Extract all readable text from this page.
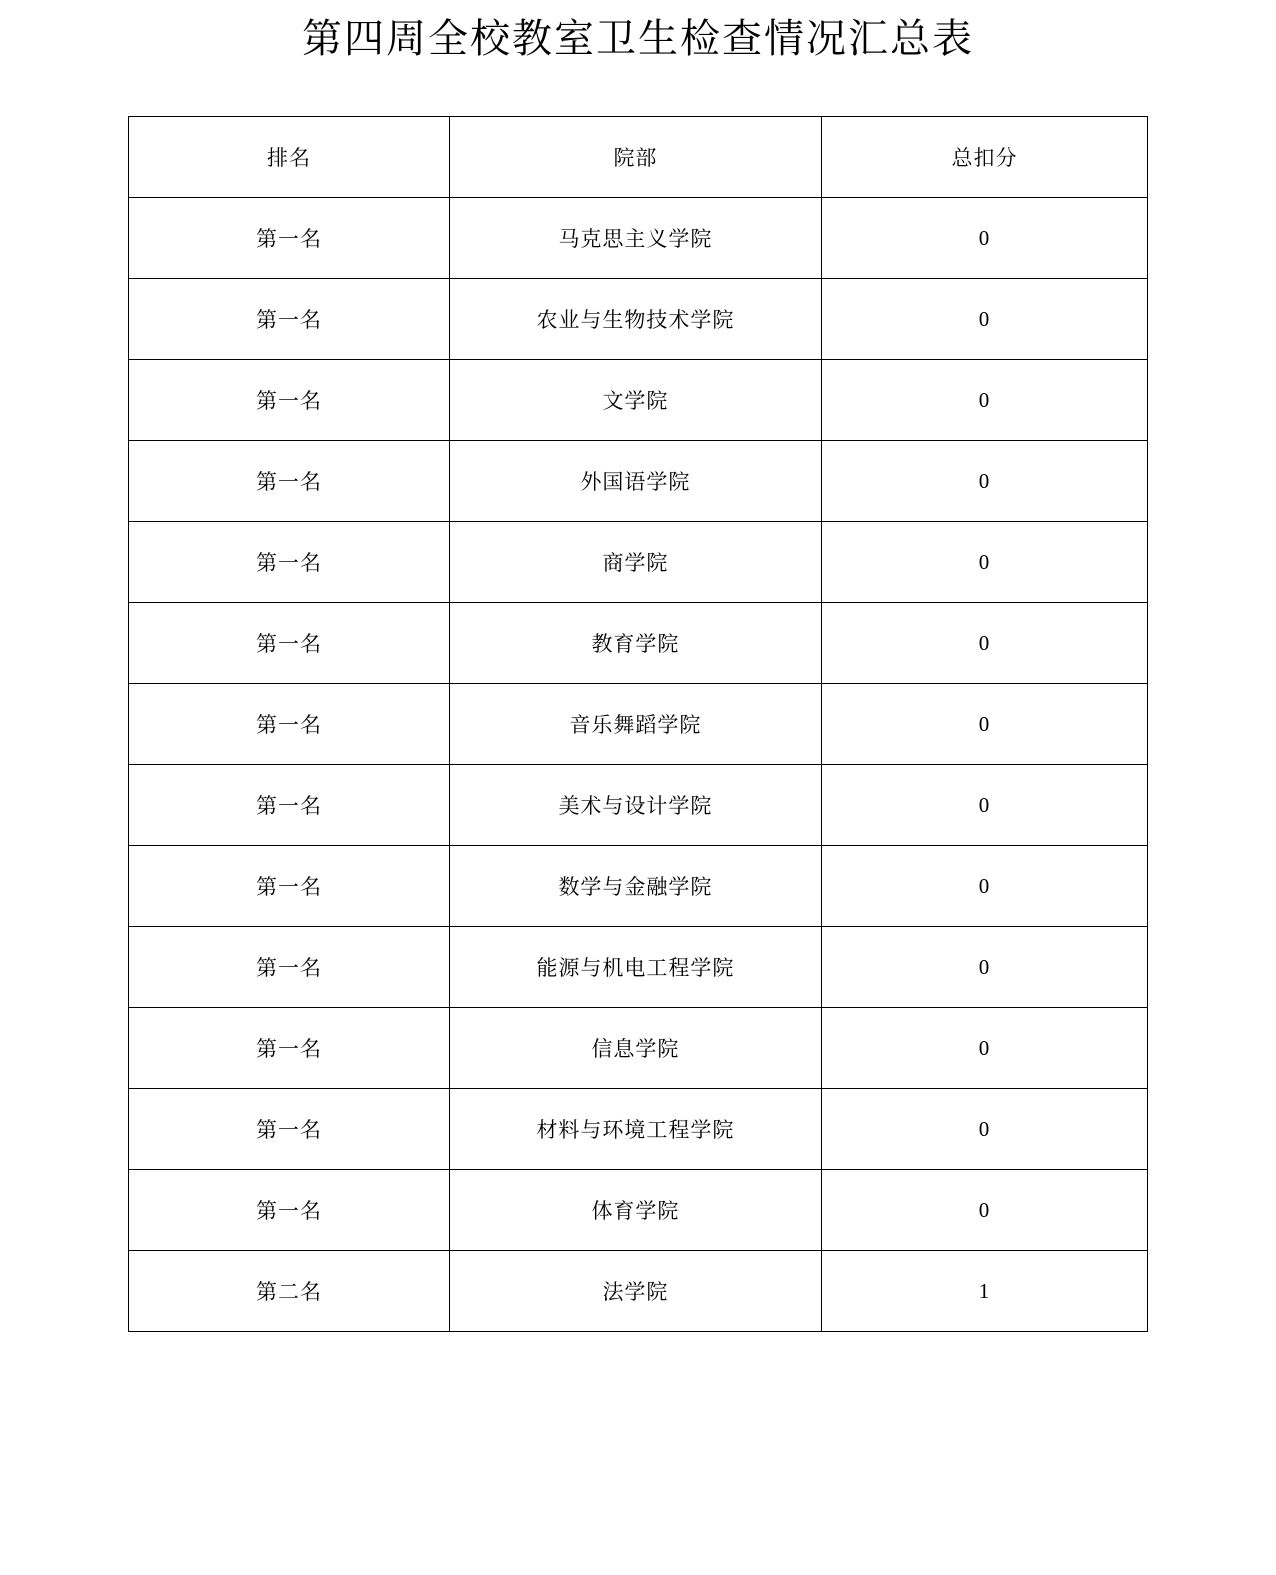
第四周全校教室卫生检查情况汇总表
排名	院部	总扣分
第一名	马克思主义学院	0
第一名	农业与生物技术学院	0
第一名	文学院	0
第一名	外国语学院	0
第一名	商学院	0
第一名	教育学院	0
第一名	音乐舞蹈学院	0
第一名	美术与设计学院	0
第一名	数学与金融学院	0
第一名	能源与机电工程学院	0
第一名	信息学院	0
第一名	材料与环境工程学院	0
第一名	体育学院	0
第二名	法学院	1
